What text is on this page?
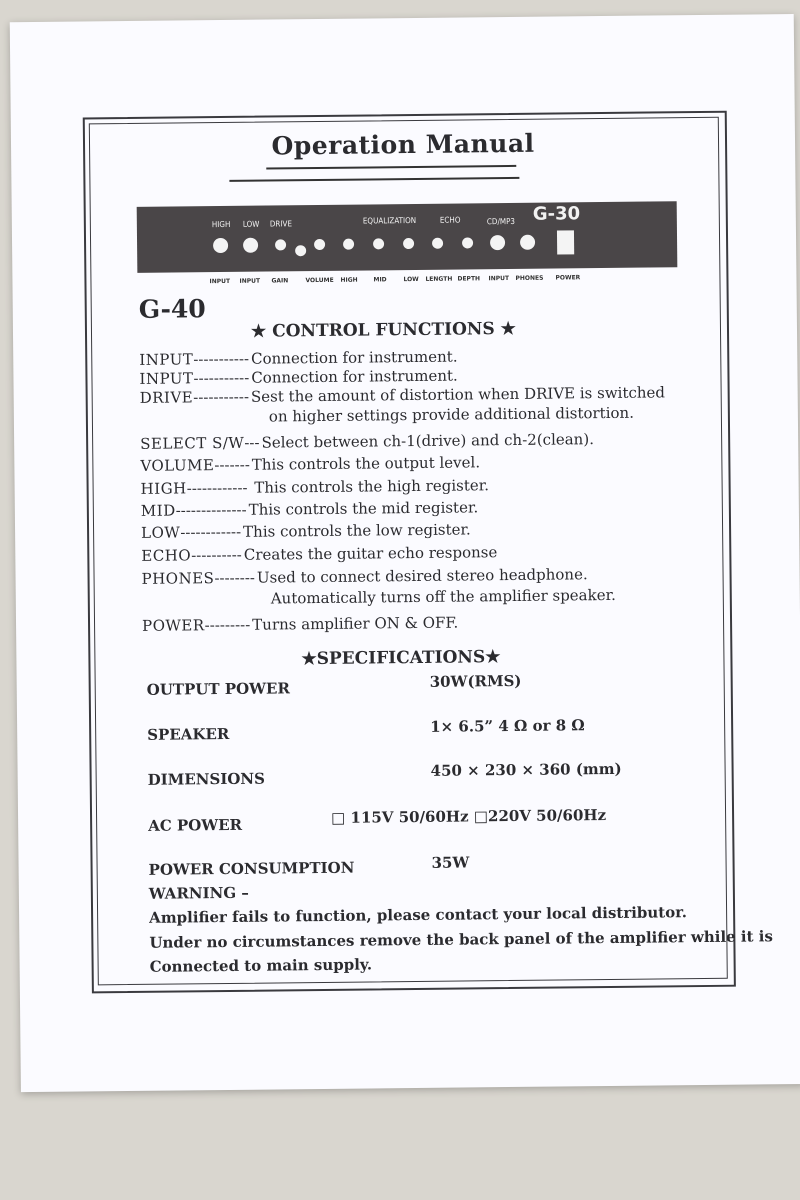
Operation Manual
HIGH LOW DRIVE	EQUALIZATION	ECHO	CD/MP3 G-30
INPUT INPUT GAIN	VOLUME HIGH	MID	LOW LENGTH DEPTH INPUT PHONES POWER
G-40
★ CONTROL FUNCTIONS ★
INPUT----------- Connection for instrument.
INPUT----------- Connection for instrument.
DRIVE----------- Sest the amount of distortion when DRIVE is switched
on higher settings provide additional distortion.
SELECT S/W--- Select between ch-1(drive) and ch-2(clean).
VOLUME------- This controls the output level.
HIGH------------ This controls the high register.
MID-------------- This controls the mid register.
LOW------------ This controls the low register.
ECHO---------- Creates the guitar echo response
PHONES-------- Used to connect desired stereo headphone.
Automatically turns off the amplifier speaker.
POWER--------- Turns amplifier ON & OFF.
★SPECIFICATIONS★
OUTPUT POWER	30W(RMS)
SPEAKER	1× 6.5” 4 Ω or 8 Ω
DIMENSIONS	450 × 230 × 360 (mm)
AC POWER	□ 115V 50/60Hz □220V 50/60Hz
POWER CONSUMPTION	35W
WARNING –
Amplifier fails to function, please contact your local distributor.
Under no circumstances remove the back panel of the amplifier while it is
Connected to main supply.
